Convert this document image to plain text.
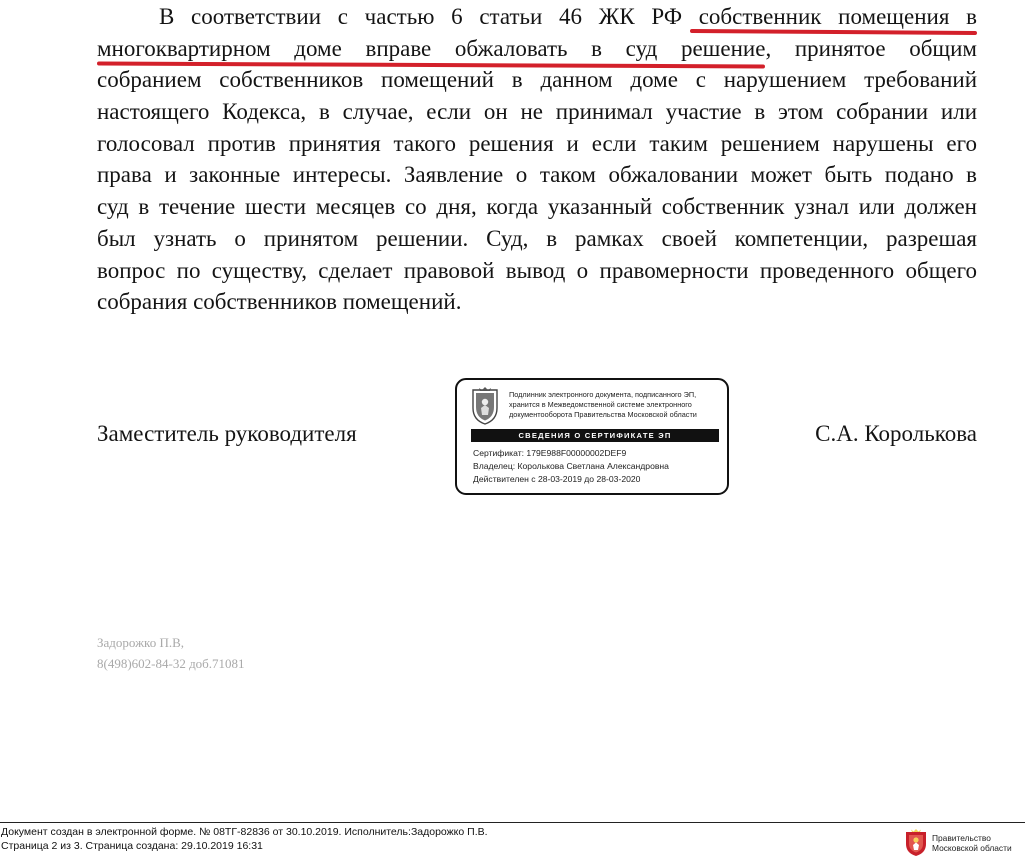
В соответствии с частью 6 статьи 46 ЖК РФ собственник помещения в
многоквартирном доме вправе обжаловать в суд решение, принятое общим
собранием собственников помещений в данном доме с нарушением требований
настоящего Кодекса, в случае, если он не принимал участие в этом собрании или
голосовал против принятия такого решения и если таким решением нарушены его
права и законные интересы. Заявление о таком обжаловании может быть подано в
суд в течение шести месяцев со дня, когда указанный собственник узнал или должен
был узнать о принятом решении. Суд, в рамках своей компетенции, разрешая
вопрос по существу, сделает правовой вывод о правомерности проведенного общего
собрания собственников помещений.
Заместитель руководителя	С.А. Королькова
Подлинник электронного документа, подписанного ЭП,
хранится в Межведомственной системе электронного
документооборота Правительства Московской области
СВЕДЕНИЯ О СЕРТИФИКАТЕ ЭП
Сертификат: 179E988F00000002DEF9
Владелец: Королькова Светлана Александровна
Действителен с 28-03-2019 до 28-03-2020
Задорожко П.В,
8(498)602-84-32 доб.71081
Документ создан в электронной форме. № 08ТГ-82836 от 30.10.2019. Исполнитель:Задорожко П.В.
Страница 2 из 3. Страница создана: 29.10.2019 16:31
Правительство
Московской области
